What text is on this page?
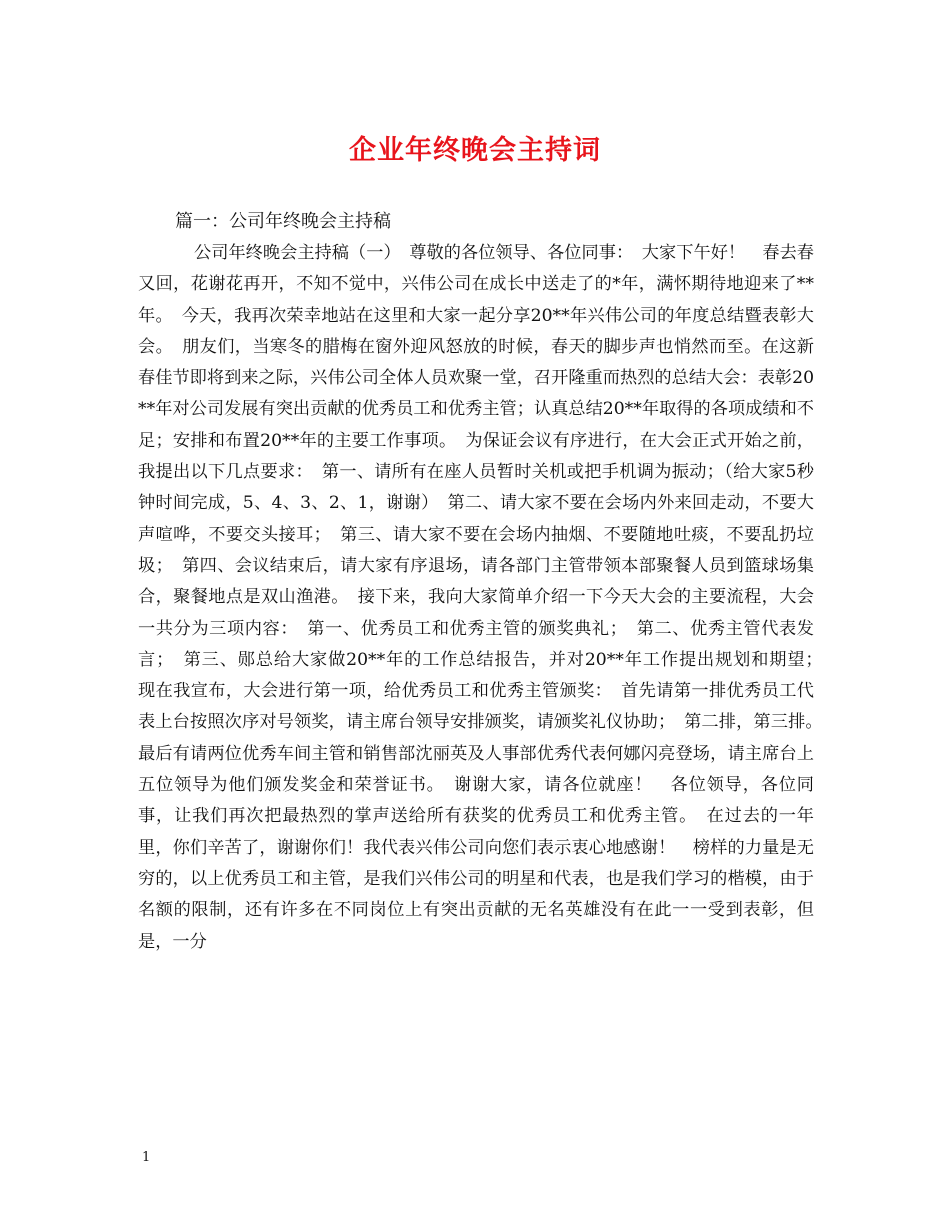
企业年终晚会主持词

篇一：公司年终晚会主持稿

公司年终晚会主持稿（一）　尊敬的各位领导、各位同事：　大家下午好！　春去春又回，花谢花再开，不知不觉中，兴伟公司在成长中送走了的*年，满怀期待地迎来了**年。　今天，我再次荣幸地站在这里和大家一起分享20**年兴伟公司的年度总结暨表彰大会。　朋友们，当寒冬的腊梅在窗外迎风怒放的时候，春天的脚步声也悄然而至。在这新春佳节即将到来之际，兴伟公司全体人员欢聚一堂，召开隆重而热烈的总结大会：表彰20**年对公司发展有突出贡献的优秀员工和优秀主管；认真总结20**年取得的各项成绩和不足；安排和布置20**年的主要工作事项。　为保证会议有序进行，在大会正式开始之前，我提出以下几点要求：　第一、请所有在座人员暂时关机或把手机调为振动；（给大家5秒钟时间完成，5、4、3、2、1，谢谢）　第二、请大家不要在会场内外来回走动，不要大声喧哗，不要交头接耳；　第三、请大家不要在会场内抽烟、不要随地吐痰，不要乱扔垃圾；　第四、会议结束后，请大家有序退场，请各部门主管带领本部聚餐人员到篮球场集合，聚餐地点是双山渔港。　接下来，我向大家简单介绍一下今天大会的主要流程，大会一共分为三项内容：　第一、优秀员工和优秀主管的颁奖典礼；　第二、优秀主管代表发言；　第三、郧总给大家做20**年的工作总结报告，并对20**年工作提出规划和期望；　现在我宣布，大会进行第一项，给优秀员工和优秀主管颁奖：　首先请第一排优秀员工代表上台按照次序对号领奖，请主席台领导安排颁奖，请颁奖礼仪协助；　第二排，第三排。　最后有请两位优秀车间主管和销售部沈丽英及人事部优秀代表何娜闪亮登场，请主席台上五位领导为他们颁发奖金和荣誉证书。　谢谢大家，请各位就座！　各位领导，各位同事，让我们再次把最热烈的掌声送给所有获奖的优秀员工和优秀主管。　在过去的一年里，你们辛苦了，谢谢你们！我代表兴伟公司向您们表示衷心地感谢！　榜样的力量是无穷的，以上优秀员工和主管，是我们兴伟公司的明星和代表，也是我们学习的楷模，由于名额的限制，还有许多在不同岗位上有突出贡献的无名英雄没有在此一一受到表彰，但是，一分

1
